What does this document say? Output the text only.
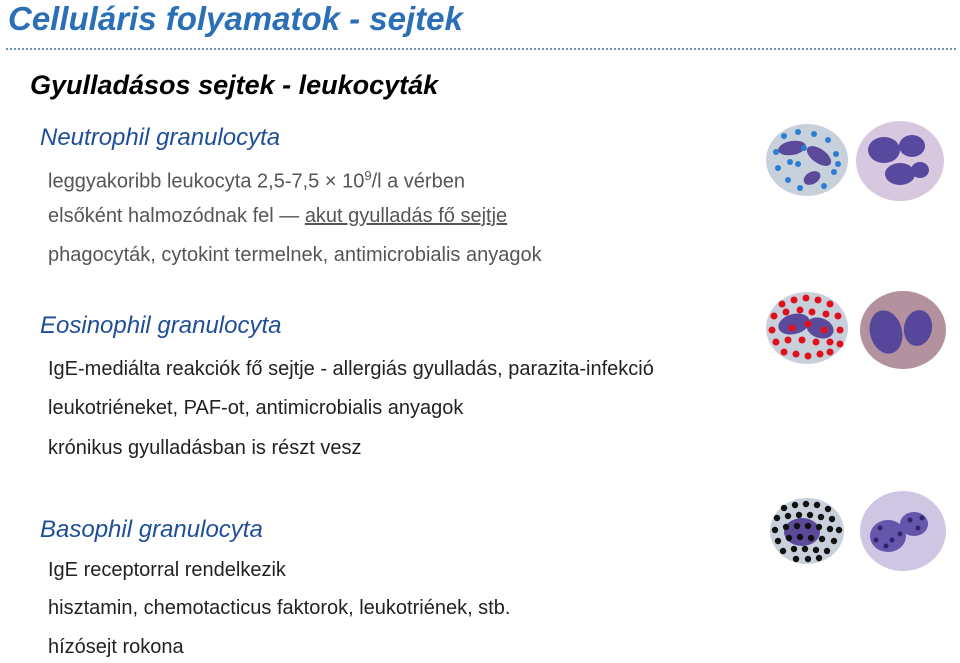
Celluláris folyamatok - sejtek
Gyulladásos sejtek - leukocyták
Neutrophil granulocyta
leggyakoribb leukocyta $2,5-7,5 \times 10^9/l$ a vérben
elsőként halmozódnak fel — akut gyulladás fő sejtje
phagocyták, cytokint termelnek, antimicrobialis anyagok
Eosinophil granulocyta
IgE-mediálta reakciók fő sejtje - allergiás gyulladás, parazita-infekció
leukotriéneket, PAF-ot, antimicrobialis anyagok
krónikus gyulladásban is részt vesz
Basophil granulocyta
IgE receptorral rendelkezik
hisztamin, chemotacticus faktorok, leukotriének, stb.
hízósejt rokona
